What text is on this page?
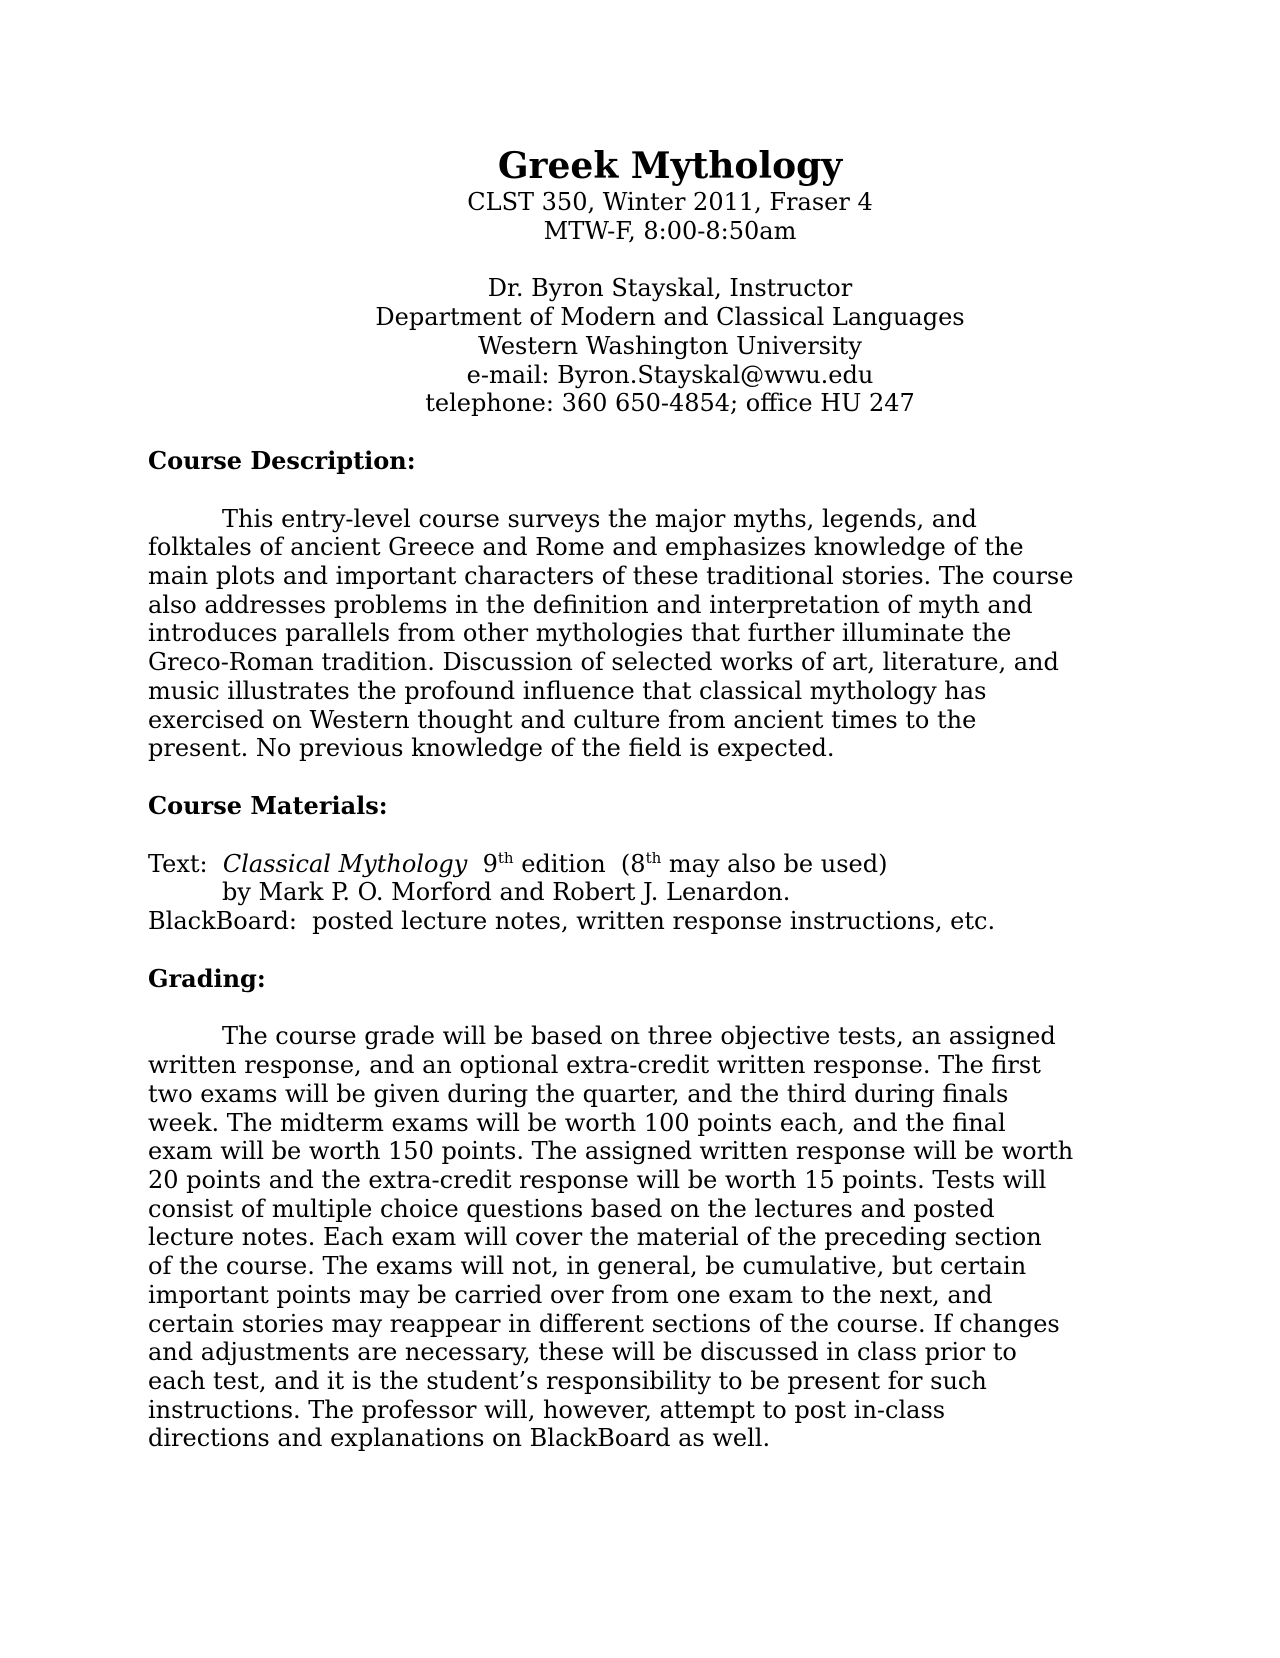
Greek Mythology
CLST 350, Winter 2011, Fraser 4
MTW-F, 8:00-8:50am
Dr. Byron Stayskal, Instructor
Department of Modern and Classical Languages
Western Washington University
e-mail: Byron.Stayskal@wwu.edu
telephone: 360 650-4854; office HU 247
Course Description:
This entry-level course surveys the major myths, legends, and
folktales of ancient Greece and Rome and emphasizes knowledge of the
main plots and important characters of these traditional stories. The course
also addresses problems in the definition and interpretation of myth and
introduces parallels from other mythologies that further illuminate the
Greco-Roman tradition. Discussion of selected works of art, literature, and
music illustrates the profound influence that classical mythology has
exercised on Western thought and culture from ancient times to the
present. No previous knowledge of the field is expected.
Course Materials:
Text:  Classical Mythology 9th edition  (8th may also be used)
by Mark P. O. Morford and Robert J. Lenardon.
BlackBoard:  posted lecture notes, written response instructions, etc.
Grading:
The course grade will be based on three objective tests, an assigned
written response, and an optional extra-credit written response. The first
two exams will be given during the quarter, and the third during finals
week. The midterm exams will be worth 100 points each, and the final
exam will be worth 150 points. The assigned written response will be worth
20 points and the extra-credit response will be worth 15 points. Tests will
consist of multiple choice questions based on the lectures and posted
lecture notes. Each exam will cover the material of the preceding section
of the course. The exams will not, in general, be cumulative, but certain
important points may be carried over from one exam to the next, and
certain stories may reappear in different sections of the course. If changes
and adjustments are necessary, these will be discussed in class prior to
each test, and it is the student’s responsibility to be present for such
instructions. The professor will, however, attempt to post in-class
directions and explanations on BlackBoard as well.
